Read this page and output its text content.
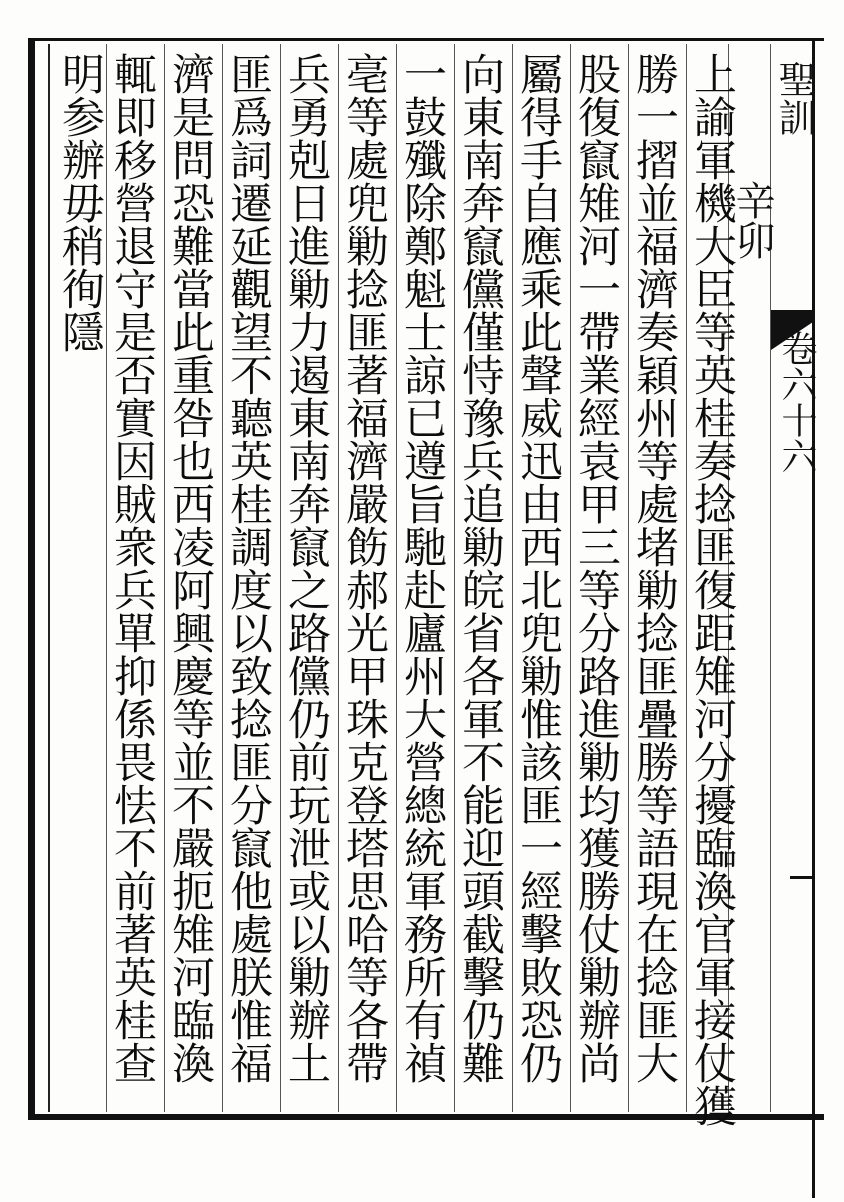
聖訓
卷六十六
辛卯
上諭軍機大臣等英桂奏捻匪復距雉河分擾臨渙官軍接仗獲
勝一摺並福濟奏穎州等處堵勦捻匪疊勝等語現在捻匪大
股復竄雉河一帶業經袁甲三等分路進勦均獲勝仗勦辦尚
屬得手自應乘此聲威迅由西北兜勦惟該匪一經擊敗恐仍
向東南奔竄儻僅恃豫兵追勦皖省各軍不能迎頭截擊仍難
一鼓殲除鄭魁士諒已遵旨馳赴廬州大營總統軍務所有禎
亳等處兜勦捻匪著福濟嚴飭郝光甲珠克登塔思哈等各帶
兵勇剋日進勦力遏東南奔竄之路儻仍前玩泄或以勦辦土
匪爲詞遷延觀望不聽英桂調度以致捻匪分竄他處朕惟福
濟是問恐難當此重咎也西凌阿興慶等並不嚴扼雉河臨渙
輒即移營退守是否實因賊衆兵單抑係畏怯不前著英桂查
明参辦毋稍徇隱
